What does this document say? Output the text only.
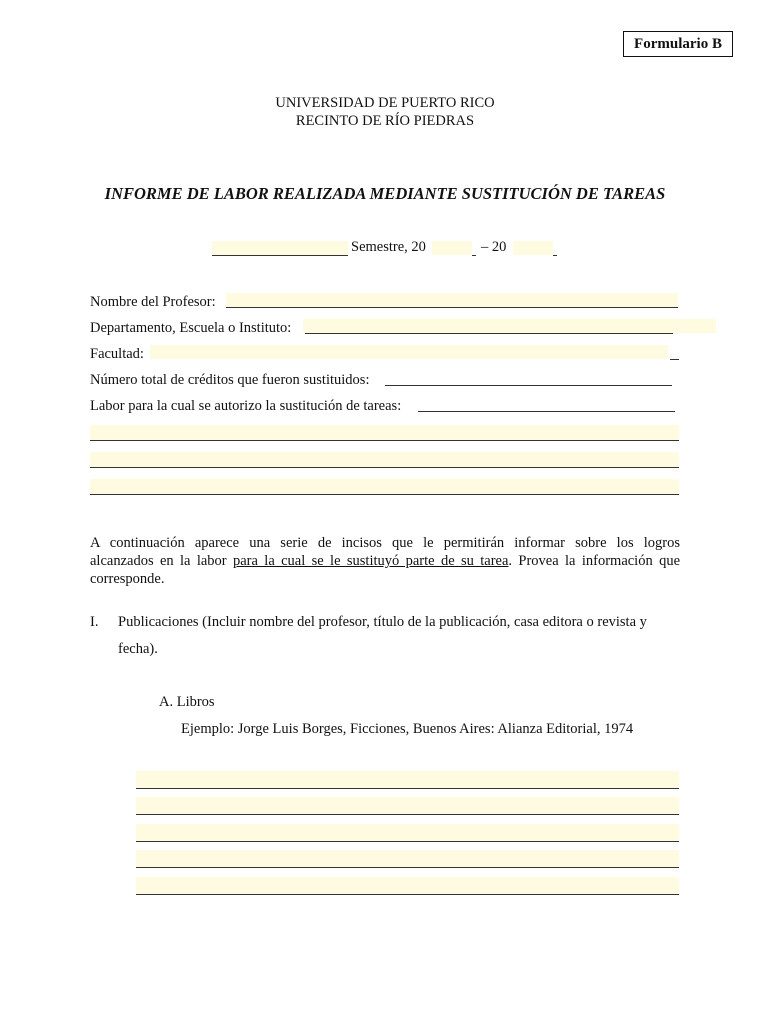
Formulario B
UNIVERSIDAD DE PUERTO RICO
RECINTO DE RÍO PIEDRAS
INFORME DE LABOR REALIZADA MEDIANTE SUSTITUCIÓN DE TAREAS
Semestre, 20	– 20
Nombre del Profesor:
Departamento, Escuela o Instituto:
Facultad:
Número total de créditos que fueron sustituidos:
Labor para la cual se autorizo la sustitución de tareas:
A continuación aparece una serie de incisos que le permitirán informar sobre los logros
alcanzados en la labor para la cual se le sustituyó parte de su tarea. Provea la información que
corresponde.
I. Publicaciones (Incluir nombre del profesor, título de la publicación, casa editora o revista y
fecha).
A. Libros
Ejemplo: Jorge Luis Borges, Ficciones, Buenos Aires: Alianza Editorial, 1974
